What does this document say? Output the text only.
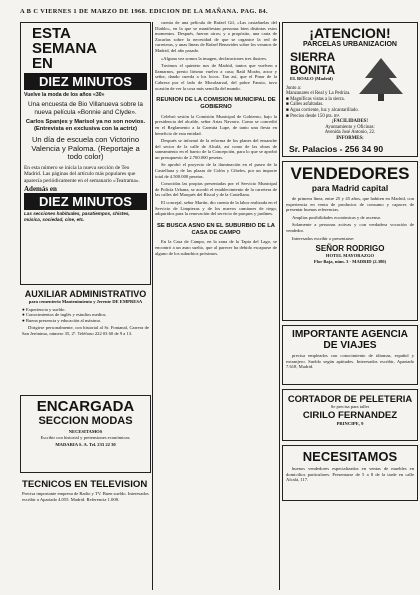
A B C VIERNES 1 DE MARZO DE 1968. EDICION DE LA MAÑANA. PAG. 84.
ESTA
SEMANA
EN
DIEZ MINUTOS
Vuelve la moda de los años «30»
Una encuesta de Bio Villanueva sobre la nueva película «Bonnie and Clyde».
Carlos Spanjes y Marisol ya no son novios. (Entrevista en exclusiva con la actriz)
Un día de escuela con Victorino Valencia y Paloma. (Reportaje a todo color)
En esta número se inicia la nueva sección de Teo Madrid. Las páginas del artículo más populares que aparecía periódicamente en el semanario «Teatrama».
Además en
DIEZ MINUTOS
Las secciones habituales, pasatiempos, chistes, música, sociedad, cine, etc.
AUXILIAR ADMINISTRATIVO
para cementerio Mantenimiento y Jerente DE EMPRESA
● Experiencia y sueldo.
● Conocimientos de inglés y estudios medios.
● Buena presencia y educación al máximo.
Dirigirse personalmente, con historial al Sr. Fontanal, Carrera de San Jerónimo, número 35, 2º. Teléfono 222 03 60 de 9 a 13.
ENCARGADA
SECCION MODAS
NECESITAMOS
Escribir con historial y pretensiones económicas.
MADARIA S. A. Tel. 233 22 30
TECNICOS EN TELEVISION
Precisa importante empresa de Radio y TV. Buen sueldo. Interesados escribir a Apartado 4.055. Madrid. Referencia 1.008.
cuenta de una película de Rafael Gil, «Las castañuelas del Diablo», en la que se manifiestan personas bien distintas estos momentos. Después, fueron otros; y a propósito, una carta de Zacarías sobre la necesidad de que se organice la red de carreteras, y unas líneas de Rafael Benavides sobre los veranos de Madrid, del año pasado.
«Alguna vez somos la imagen, declaraciones tres ilustres.
Tuvimos el quinteto nos de Madrid, tantos que vuelven a llamarnos, presto lirismo vuelvo a casa; Raúl Morán, actor y señor, dando cuerda a los locos. Tan así, que el Pinar de la Cabrera por el lado de Moralzarzal, del pobre Fausto, tuvo ocasión de ver la cosa más sencilla del mundo.
REUNION DE LA COMISION MUNICIPAL DE GOBIERNO
Celebró sesión la Comisión Municipal de Gobierno, bajo la presidencia del alcalde, señor Arias Navarro. Como se concedió en el Reglamento a la Carmita Lupe, de tanto una fiesta en beneficio de esta entidad.
Después se informó de la reforma de los planes del ensanche del sector de la calle de Alcalá, así como de las obras de saneamiento en el barrio de la Concepción, para lo que se aprobó un presupuesto de 2.700.000 pesetas.
Se aprobó el proyecto de la iluminación en el paseo de la Castellana y de las plazas de Colón y Cibeles, por un importe total de 4.500.000 pesetas.
Conocidas las propias presentadas por el Servicio Municipal de Policía Urbana, se acordó el establecimiento de la carretera de las calles del Marqués del Riscal y de la Castellana.
El concejal, señor Martín, dio cuenta de la labor realizada en el Servicio de Limpiezas y de los nuevos camiones de riego, adquiridos para la renovación del servicio de parques y jardines.
SE BUSCA ASNO EN EL SUBURBIO DE LA CASA DE CAMPO
En la Casa de Campo, en la zona de la Tapia del Lago, se encontró a un asno suelto, que al parecer ha debido escaparse de alguno de los suburbios próximos.
¡ATENCION!
PARCELAS URBANIZACION
SIERRA
BONITA
EL BOALO (Madrid)
Junto a:
Manzanares el Real y La Pedriza.
■ Magníficas vistas a la sierra.
■ Calles asfaltadas.
■ Agua corriente, luz y alcantarillado.
■ Precios desde 150 pts. m².
¡FACILIDADES!
Ayuntamiento y Oficinas:
Avenida José Antonio, 22.
INFORMES:
Sr. Palacios - 256 34 90
VENDEDORES
para Madrid capital
de primera línea, entre 25 y 45 años, que habiten en Madrid, con experiencia en venta de productos de consumo y capaces de presentar buenas referencias.
Amplias posibilidades económicas y de ascenso.
Solamente a personas activas y con verdadera vocación de vendedor.
Interesados escribir o presentarse:
SEÑOR RODRIGO
HOTEL MAYORAZGO
Flor Baja, núm. 3 - MADRID (2.380)
IMPORTANTE AGENCIA
DE VIAJES
precisa empleados con conocimiento de idiomas, español y extranjero. Sueldo según aptitudes. Interesados escribir, Apartado 7.618, Madrid.
CORTADOR DE PELETERIA
Se precisa para taller
CIRILO FERNANDEZ
PRINCIPE, 9
NECESITAMOS
buenos vendedores especializados en ventas de muebles en domicilios particulares. Presentarse de 5 a 8 de la tarde en calle Alcalá, 117.
